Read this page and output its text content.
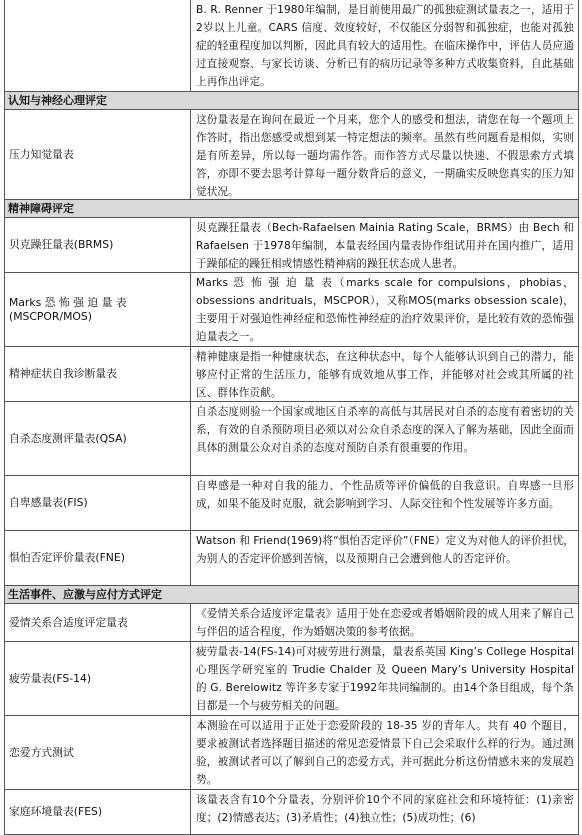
B. R. Renner 于1980年编制，是目前使用最广的孤独症测试量表之一，适用于2岁以上儿童。CARS 信度、效度较好，不仅能区分弱智和孤独症，也能对孤独症的轻重程度加以判断，因此具有较大的适用性。在临床操作中，评估人员应通过直接观察、与家长访谈、分析已有的病历记录等多种方式收集资料，自此基础上再作出评定。
认知与神经心理评定
压力知觉量表
这份量表是在询问在最近一个月来，您个人的感受和想法，请您在每一个题项上作答时，指出您感受或想到某一特定想法的频率。虽然有些问题看是相似，实则是有所差异，所以每一题均需作答。而作答方式尽量以快速、不假思索方式填答，亦即不要去思考计算每一题分数背后的意义，一期确实反映您真实的压力知觉状况。
精神障碍评定
贝克躁狂量表(BRMS)
贝克躁狂量表（Bech-Rafaelsen Mainia Rating Scale，BRMS）由 Bech 和 Rafaelsen 于1978年编制，本量表经国内量表协作组试用并在国内推广，适用于躁郁症的躁狂相或情感性精神病的躁狂状态成人患者。
Marks 恐 怖 强 迫 量 表 (MSCPOR/MOS)
Marks 恐 怖 强 迫 量 表（marks scale for compulsions，phobias，obsessions andrituals，MSCPOR），又称MOS(marks obsession scale)，主要用于对强迫性神经症和恐怖性神经症的治疗效果评价，是比较有效的恐怖强迫量表之一。
精神症状自我诊断量表
精神健康是指一种健康状态，在这种状态中，每个人能够认识到自己的潜力，能够应付正常的生活压力，能够有成效地从事工作，并能够对社会或其所属的社区、群体作贡献。
自杀态度测评量表(QSA)
自杀态度则验一个国家或地区自杀率的高低与其居民对自杀的态度有着密切的关系，有效的自杀预防项目必须以对公众自杀态度的深入了解为基础，因此全面而具体的测量公众对自杀的态度对预防自杀有很重要的作用。
自卑感量表(FIS)
自卑感是一种对自我的能力、个性品质等评价偏低的自我意识。自卑感一旦形成，如果不能及时克服，就会影响到学习、人际交往和个性发展等许多方面。
惧怕否定评价量表(FNE)
Watson 和 Friend(1969)将“惧怕否定评价”（FNE）定义为对他人的评价担忧，为别人的否定评价感到苦恼，以及预期自己会遭到他人的否定评价。
生活事件、应激与应付方式评定
爱情关系合适度评定量表
《爱情关系合适度评定量表》适用于处在恋爱或者婚姻阶段的成人用来了解自己与伴侣的适合程度，作为婚姻决策的参考依据。
疲劳量表(FS-14)
疲劳量表-14(FS-14)可对疲劳进行测量，量表系英国 King’s College Hospital 心理医学研究室的 Trudie Chalder 及 Queen Mary’s University Hospital 的 G. Berelowitz 等许多专家于1992年共同编制的。由14个条目组成，每个条目都是一个与疲劳相关的问题。
恋爱方式测试
本测验在可以适用于正处于恋爱阶段的 18-35 岁的青年人。共有 40 个题目，要求被测试者选择题目描述的常见恋爱情景下自己会采取什么样的行为。通过测验，被测试者可以了解到自己的恋爱方式，并可据此分析这份情感未来的发展趋势。
家庭环境量表(FES)
该量表含有10个分量表，分别评价10个不同的家庭社会和环境特征：(1)亲密度；(2)情感表达；(3)矛盾性；(4)独立性；(5)成功性；(6)
